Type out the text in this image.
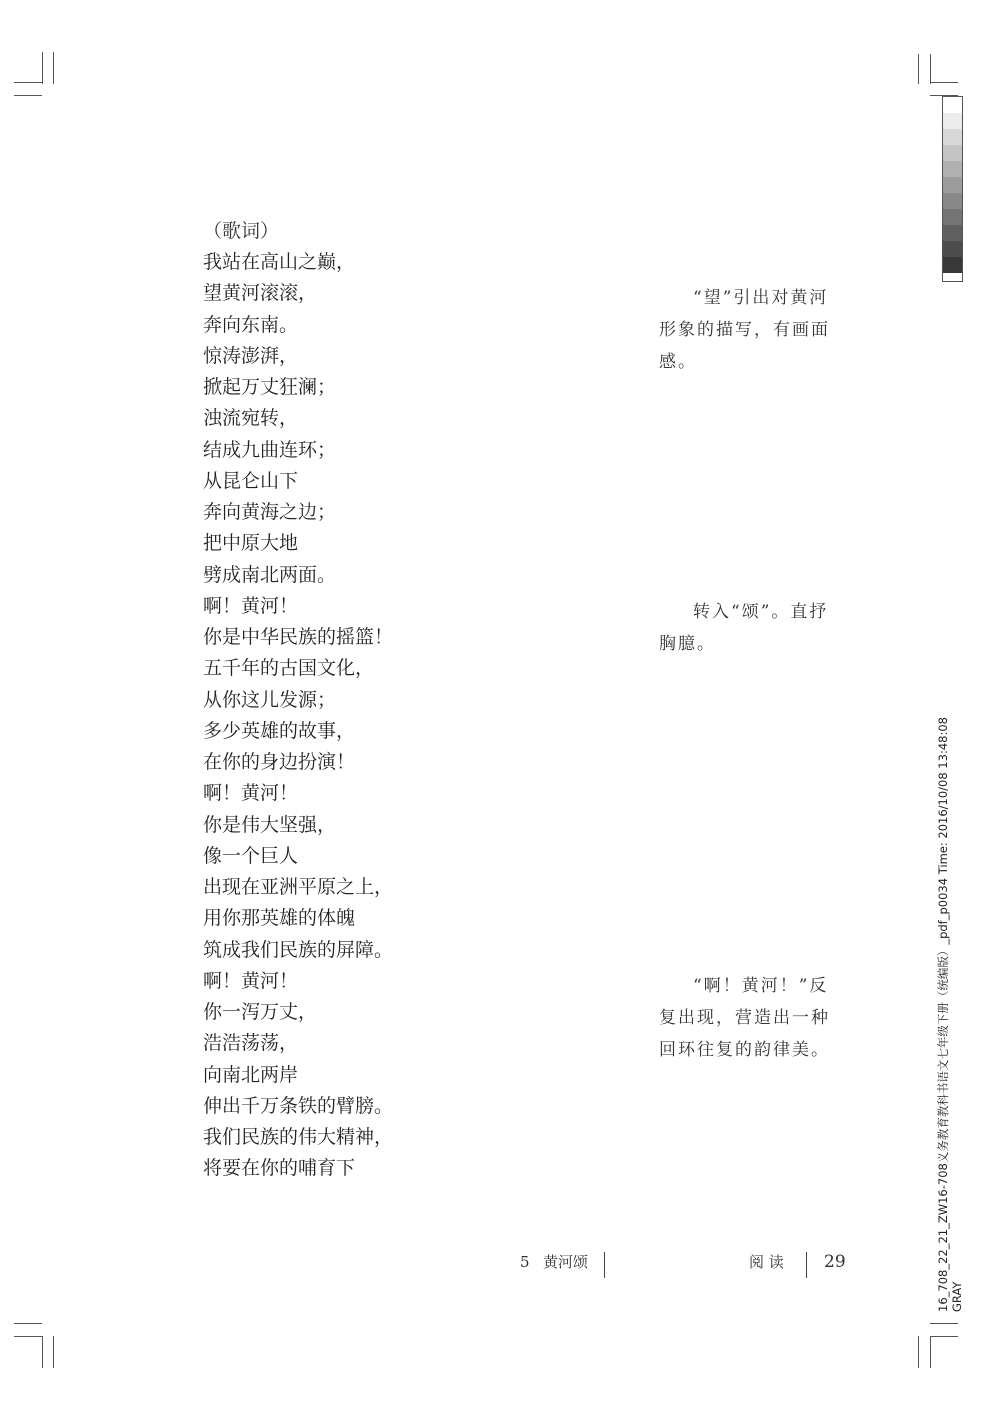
（歌词）
我站在高山之巅，
望黄河滚滚，
奔向东南。
惊涛澎湃，
掀起万丈狂澜；
浊流宛转，
结成九曲连环；
从昆仑山下
奔向黄海之边；
把中原大地
劈成南北两面。
啊！黄河！
你是中华民族的摇篮！
五千年的古国文化，
从你这儿发源；
多少英雄的故事，
在你的身边扮演！
啊！黄河！
你是伟大坚强，
像一个巨人
出现在亚洲平原之上，
用你那英雄的体魄
筑成我们民族的屏障。
啊！黄河！
你一泻万丈，
浩浩荡荡，
向南北两岸
伸出千万条铁的臂膀。
我们民族的伟大精神，
将要在你的哺育下
“望”引出对黄河形象的描写，有画面感。
转入“颂”。直抒胸臆。
“啊！黄河！”反复出现，营造出一种回环往复的韵律美。
5 黄河颂	阅 读 29	16_708_22_21_ZW16-708义务教育教科书语文七年级下册（统编版）_pdf_p0034 Time: 2016/10/08 13:48:08 GRAY
